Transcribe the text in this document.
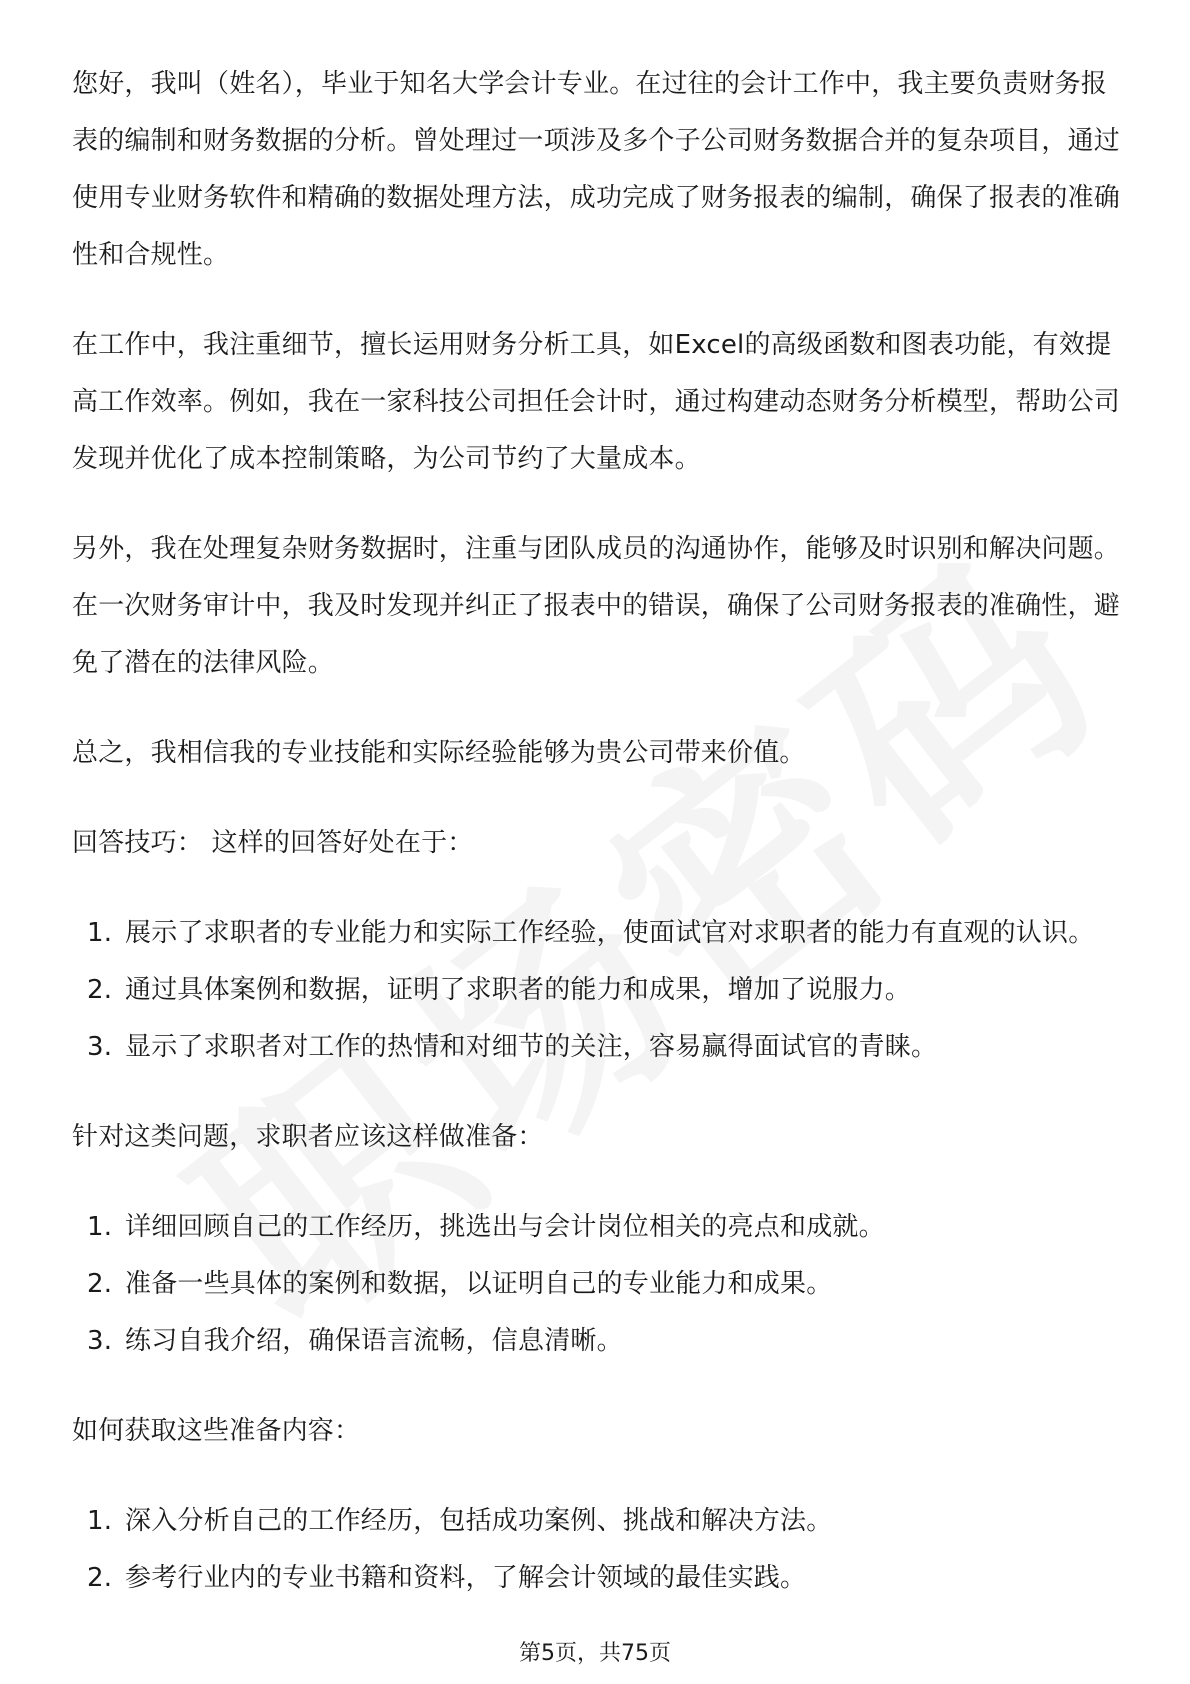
您好，我叫（姓名），毕业于知名大学会计专业。在过往的会计工作中，我主要负责财务报表的编制和财务数据的分析。曾处理过一项涉及多个子公司财务数据合并的复杂项目，通过使用专业财务软件和精确的数据处理方法，成功完成了财务报表的编制，确保了报表的准确性和合规性。

在工作中，我注重细节，擅长运用财务分析工具，如Excel的高级函数和图表功能，有效提高工作效率。例如，我在一家科技公司担任会计时，通过构建动态财务分析模型，帮助公司发现并优化了成本控制策略，为公司节约了大量成本。

另外，我在处理复杂财务数据时，注重与团队成员的沟通协作，能够及时识别和解决问题。在一次财务审计中，我及时发现并纠正了报表中的错误，确保了公司财务报表的准确性，避免了潜在的法律风险。

总之，我相信我的专业技能和实际经验能够为贵公司带来价值。

回答技巧： 这样的回答好处在于：

1. 展示了求职者的专业能力和实际工作经验，使面试官对求职者的能力有直观的认识。
2. 通过具体案例和数据，证明了求职者的能力和成果，增加了说服力。
3. 显示了求职者对工作的热情和对细节的关注，容易赢得面试官的青睐。

针对这类问题，求职者应该这样做准备：

1. 详细回顾自己的工作经历，挑选出与会计岗位相关的亮点和成就。
2. 准备一些具体的案例和数据，以证明自己的专业能力和成果。
3. 练习自我介绍，确保语言流畅，信息清晰。

如何获取这些准备内容：

1. 深入分析自己的工作经历，包括成功案例、挑战和解决方法。
2. 参考行业内的专业书籍和资料，了解会计领域的最佳实践。
第5页，共75页
